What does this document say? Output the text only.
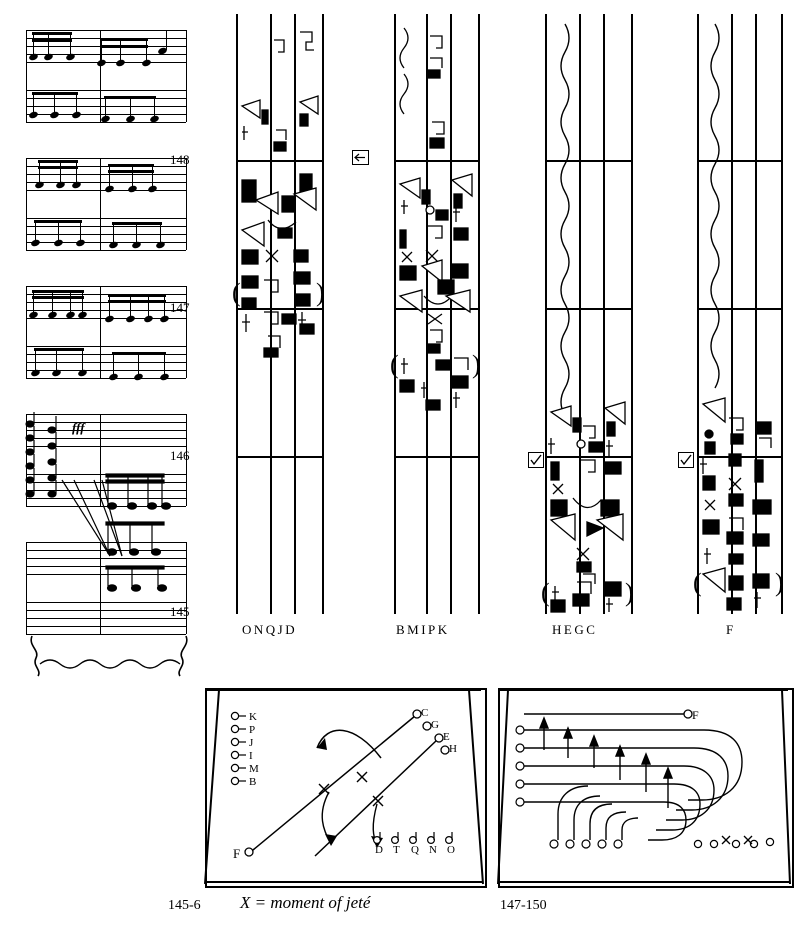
fff
148
147
146
145
(	)
ONQJD
(	)
BMIPK
(	)
HEGC
(	)
F
K
P
J
I
M
B
C
G
E
H
D T Q N O
F
145-6 X = moment of jeté
F
147-150
